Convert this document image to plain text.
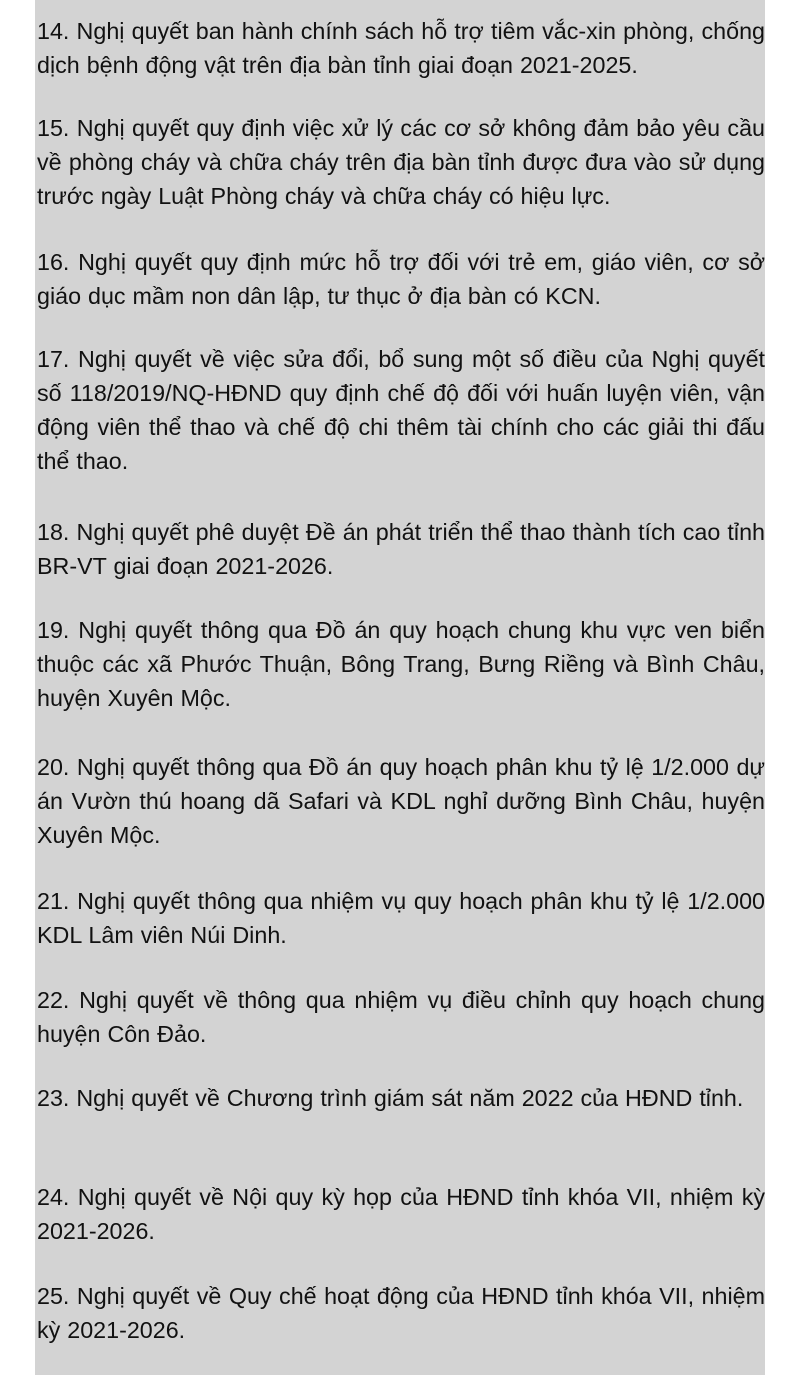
14. Nghị quyết ban hành chính sách hỗ trợ tiêm vắc-xin phòng, chống dịch bệnh động vật trên địa bàn tỉnh giai đoạn 2021-2025.

15. Nghị quyết quy định việc xử lý các cơ sở không đảm bảo yêu cầu về phòng cháy và chữa cháy trên địa bàn tỉnh được đưa vào sử dụng trước ngày Luật Phòng cháy và chữa cháy có hiệu lực.

16. Nghị quyết quy định mức hỗ trợ đối với trẻ em, giáo viên, cơ sở giáo dục mầm non dân lập, tư thục ở địa bàn có KCN.

17. Nghị quyết về việc sửa đổi, bổ sung một số điều của Nghị quyết số 118/2019/NQ-HĐND quy định chế độ đối với huấn luyện viên, vận động viên thể thao và chế độ chi thêm tài chính cho các giải thi đấu thể thao.

18. Nghị quyết phê duyệt Đề án phát triển thể thao thành tích cao tỉnh BR-VT giai đoạn 2021-2026.

19. Nghị quyết thông qua Đồ án quy hoạch chung khu vực ven biển thuộc các xã Phước Thuận, Bông Trang, Bưng Riềng và Bình Châu, huyện Xuyên Mộc.

20. Nghị quyết thông qua Đồ án quy hoạch phân khu tỷ lệ 1/2.000 dự án Vườn thú hoang dã Safari và KDL nghỉ dưỡng Bình Châu, huyện Xuyên Mộc.

21. Nghị quyết thông qua nhiệm vụ quy hoạch phân khu tỷ lệ 1/2.000 KDL Lâm viên Núi Dinh.

22. Nghị quyết về thông qua nhiệm vụ điều chỉnh quy hoạch chung huyện Côn Đảo.

23. Nghị quyết về Chương trình giám sát năm 2022 của HĐND tỉnh.

24. Nghị quyết về Nội quy kỳ họp của HĐND tỉnh khóa VII, nhiệm kỳ 2021-2026.

25. Nghị quyết về Quy chế hoạt động của HĐND tỉnh khóa VII, nhiệm kỳ 2021-2026.
